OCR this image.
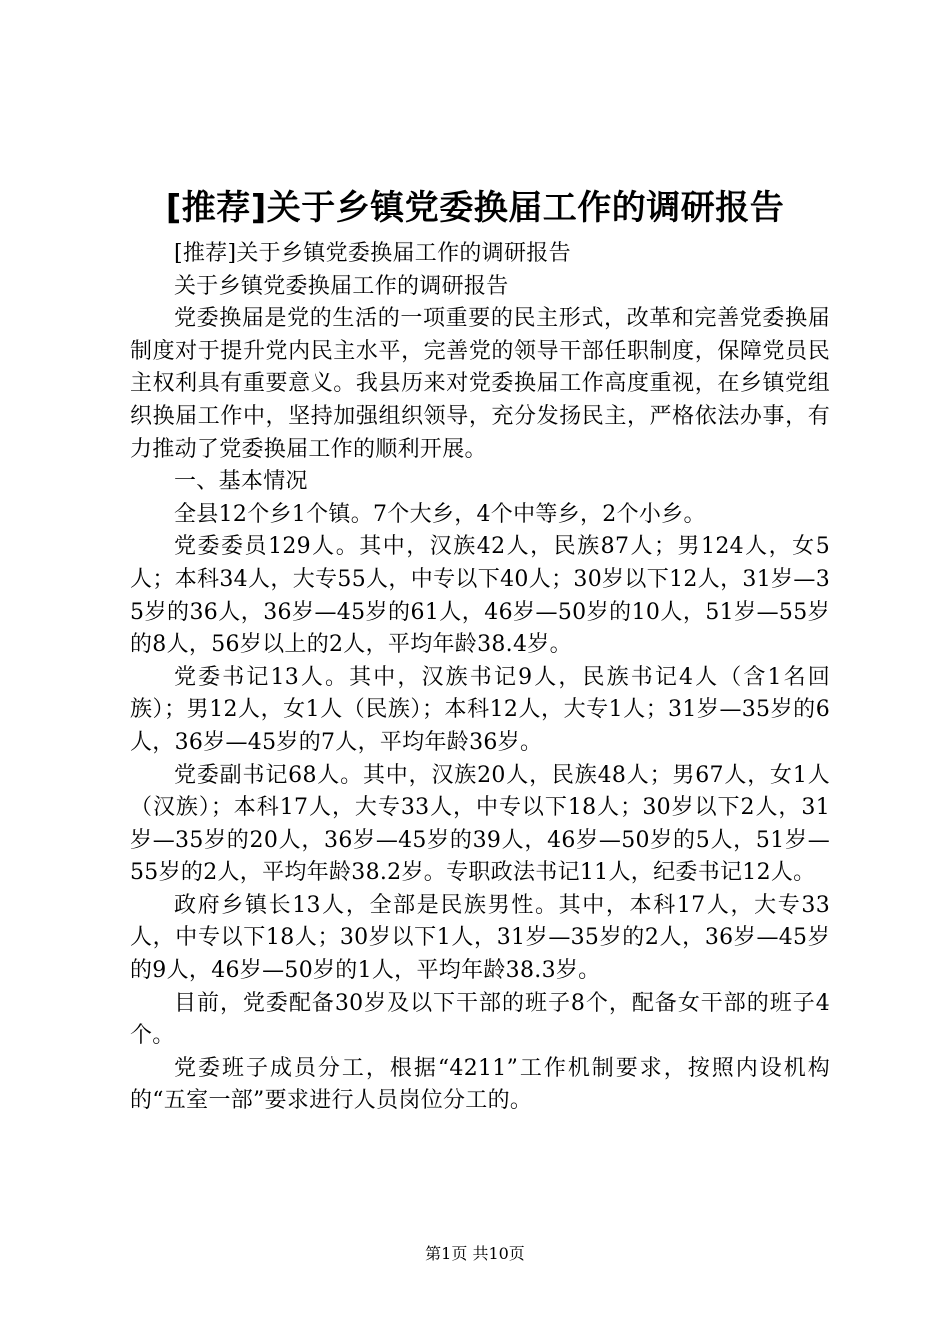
[推荐]关于乡镇党委换届工作的调研报告

[推荐]关于乡镇党委换届工作的调研报告

关于乡镇党委换届工作的调研报告

党委换届是党的生活的一项重要的民主形式，改革和完善党委换届制度对于提升党内民主水平，完善党的领导干部任职制度，保障党员民主权利具有重要意义。我县历来对党委换届工作高度重视，在乡镇党组织换届工作中，坚持加强组织领导，充分发扬民主，严格依法办事，有力推动了党委换届工作的顺利开展。

一、基本情况

全县12个乡1个镇。7个大乡，4个中等乡，2个小乡。

党委委员129人。其中，汉族42人，民族87人；男124人，女5人；本科34人，大专55人，中专以下40人；30岁以下12人，31岁—35岁的36人，36岁—45岁的61人，46岁—50岁的10人，51岁—55岁的8人，56岁以上的2人，平均年龄38.4岁。

党委书记13人。其中，汉族书记9人，民族书记4人（含1名回族）；男12人，女1人（民族）；本科12人，大专1人；31岁—35岁的6人，36岁—45岁的7人，平均年龄36岁。

党委副书记68人。其中，汉族20人，民族48人；男67人，女1人（汉族）；本科17人，大专33人，中专以下18人；30岁以下2人，31岁—35岁的20人，36岁—45岁的39人，46岁—50岁的5人，51岁—55岁的2人，平均年龄38.2岁。专职政法书记11人，纪委书记12人。

政府乡镇长13人，全部是民族男性。其中，本科17人，大专33人，中专以下18人；30岁以下1人，31岁—35岁的2人，36岁—45岁的9人，46岁—50岁的1人，平均年龄38.3岁。

目前，党委配备30岁及以下干部的班子8个，配备女干部的班子4个。

党委班子成员分工，根据“4211”工作机制要求，按照内设机构的“五室一部”要求进行人员岗位分工的。

第1页 共10页
